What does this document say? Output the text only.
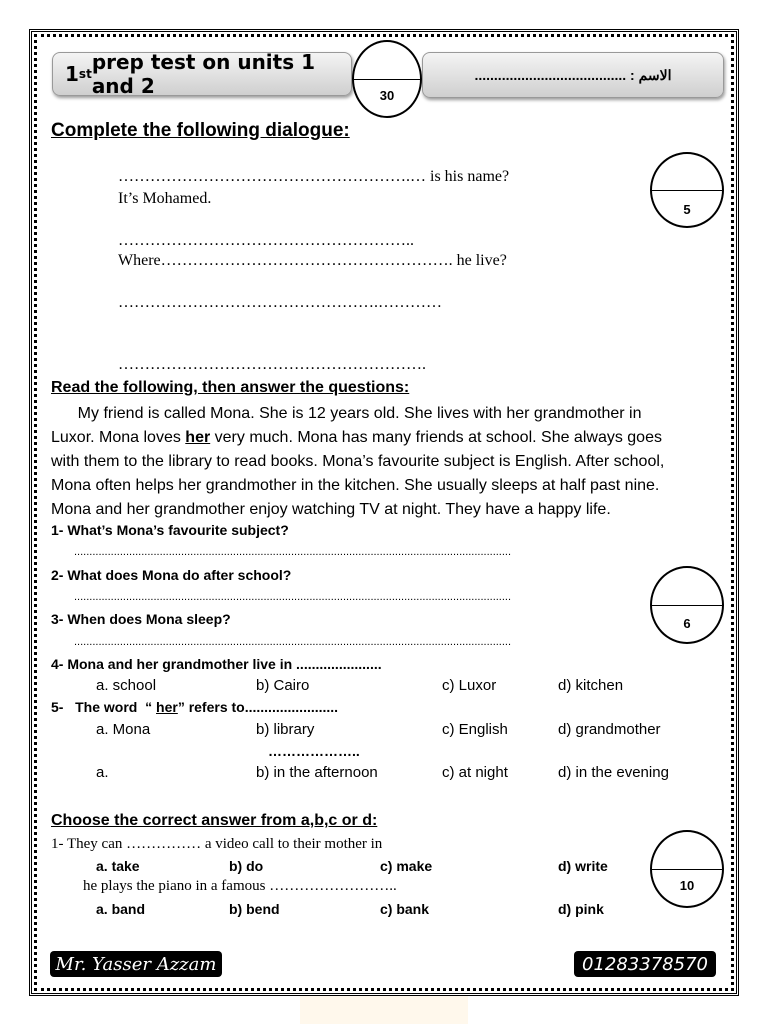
1 st prep test on units 1 and 2	....................................... : الاسم
30
Complete the following dialogue:
5
……………………………………………….… is his name?
It’s Mohamed.
………………………………………………..
Where………………………………………………. he live?
………………………………………….…………
………………………………………………….
Read the following, then answer the questions:
My friend is called Mona. She is 12 years old. She lives with her grandmother in
Luxor. Mona loves her very much. Mona has many friends at school. She always goes
with them to the library to read books. Mona’s favourite subject is English. After school,
Mona often helps her grandmother in the kitchen. She usually sleeps at half past nine.
Mona and her grandmother enjoy watching TV at night. They have a happy life.
1- What’s Mona’s favourite subject?
...............................................................................................................................................
2- What does Mona do after school?
...............................................................................................................................................
3- When does Mona sleep?
...............................................................................................................................................
6
4- Mona and her grandmother live in ......................
a. school	b) Cairo	c) Luxor	d) kitchen
5-   The word  “ her” refers to........................
a. Mona	b) library	c) English	d) grandmother
………………..
a.	b) in the afternoon	c) at night	d) in the evening
Choose the correct answer from a,b,c or d:
1- They can …………… a video call to their mother in
a. take	b) do	c) make	d) write
he plays the piano in a famous ……………………..
a. band	b) bend	c) bank	d) pink
10
Mr. Yasser Azzam	01283378570
